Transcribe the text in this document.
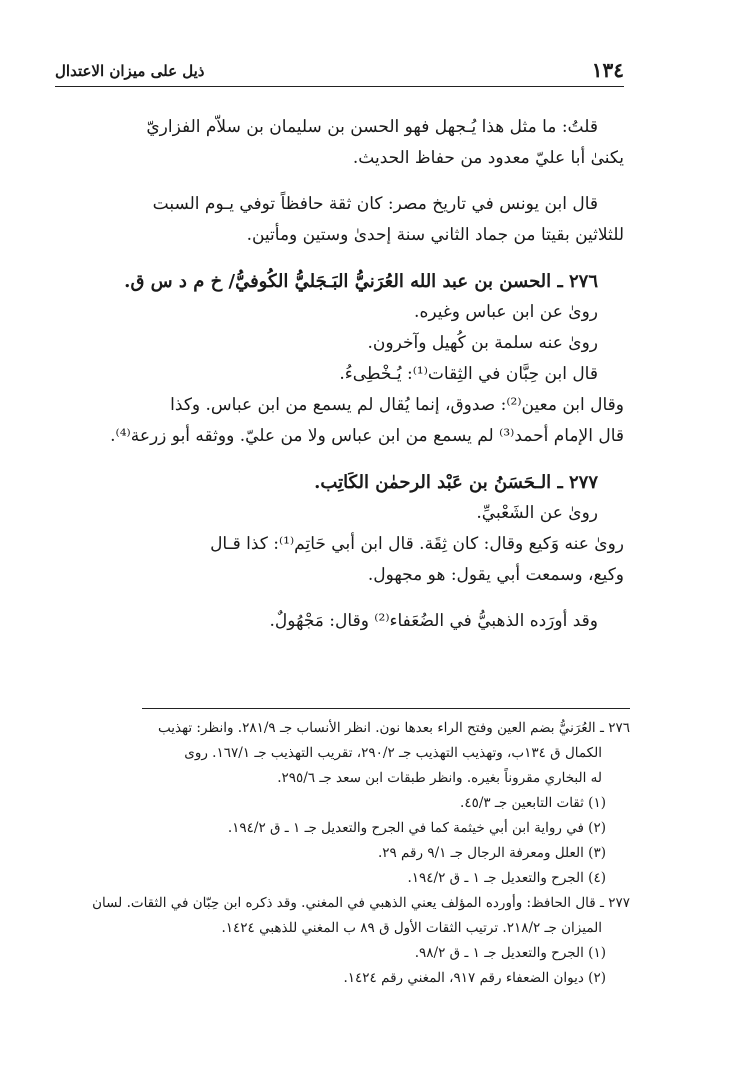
١٣٤
ذيل على ميزان الاعتدال

قلتُ: ما مثل هذا يُـجهل فهو الحسن بن سليمان بن سلاّم الفزاريّ

يكنىٰ أبا عليّ معدود من حفاظ الحديث.

قال ابن يونس في تاريخ مصر: كان ثقة حافظاً توفي يـوم السبت

للثلاثين بقيتا من جماد الثاني سنة إحدىٰ وستين ومأتين.

٢٧٦ ـ الحسن بن عبد الله العُرَنيُّ البَـجَليُّ الكُوفيُّ/ خ م د س ق.

رویٰ عن ابن عباس وغيره.

رویٰ عنه سلمة بن كُهيل وآخرون.

قال ابن حِبَّان في الثِقات⁽¹⁾: يُـخْطِیءُ.

وقال ابن معين⁽²⁾: صدوق، إنما يُقال لم يسمع من ابن عباس. وكذا

قال الإمام أحمد⁽³⁾ لم يسمع من ابن عباس ولا من عليّ. ووثقه أبو زرعة⁽⁴⁾.

٢٧٧ ـ الـحَسَنُ بن عَبْد الرحمٰن الكَاتِب.

رویٰ عن الشَعْبيِّ.

رویٰ عنه وَكيع وقال: كان ثِقَة. قال ابن أبي حَاتِم⁽¹⁾: كذا قـال

وكيع، وسمعت أبي يقول: هو مجهول.

وقد أورَده الذهبيُّ في الضُعَفاء⁽²⁾ وقال: مَجْهُولٌ.

٢٧٦ ـ العُرَنيُّ بضم العين وفتح الراء بعدها نون. انظر الأنساب جـ ٢٨١/٩. وانظر: تهذيب

الكمال ق ١٣٤ب، وتهذيب التهذيب جـ ٢٩٠/٢، تقريب التهذيب جـ ١٦٧/١. روى

له البخاري مقروناً بغيره. وانظر طبقات ابن سعد جـ ٢٩٥/٦.

(١) ثقات التابعين جـ ٤٥/٣.

(٢) في رواية ابن أبي خيثمة كما في الجرح والتعديل جـ ١ ـ ق ١٩٤/٢.

(٣) العلل ومعرفة الرجال جـ ٩/١ رقم ٢٩.

(٤) الجرح والتعديل جـ ١ ـ ق ١٩٤/٢.

٢٧٧ ـ قال الحافظ: وأورده المؤلف يعني الذهبي في المغني. وقد ذكره ابن حِبّان في الثقات. لسان

الميزان جـ ٢١٨/٢. ترتيب الثقات الأول ق ٨٩ ب المغني للذهبي ١٤٢٤.

(١) الجرح والتعديل جـ ١ ـ ق ٩٨/٢.

(٢) ديوان الضعفاء رقم ٩١٧، المغني رقم ١٤٢٤.
